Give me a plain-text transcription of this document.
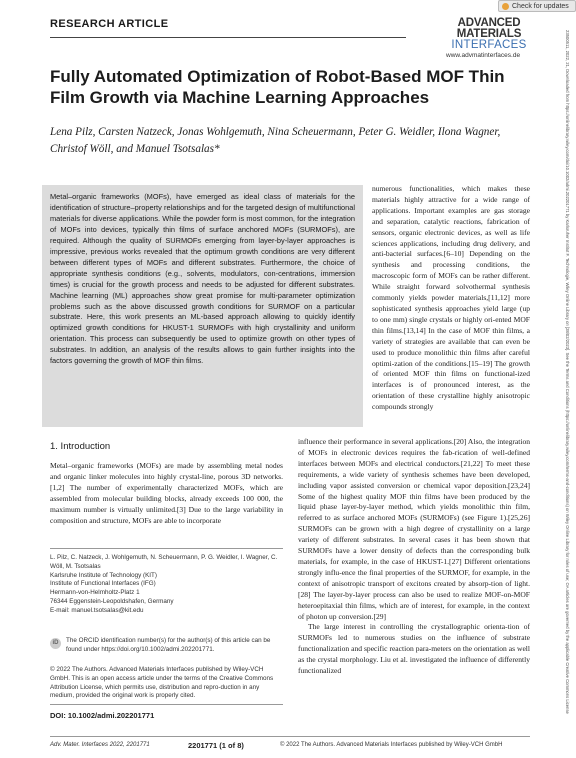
Check for updates
RESEARCH ARTICLE	ADVANCED
MATERIALS
INTERFACES
www.advmatinterfaces.de	23500511, 2022, 21, Downloaded from https://onlinelibrary.wiley.com/doi/10.1002/admi.202201771 by Karlsruher Institut F. Technologie, Wiley Online Library on [28/02/2023]. See the Terms and Conditions (https://onlinelibrary.wiley.com/terms-and-conditions) on Wiley Online Library for rules of use; OA articles are governed by the applicable Creative Commons License
Fully Automated Optimization of Robot-Based MOF Thin Film Growth via Machine Learning Approaches
Lena Pilz, Carsten Natzeck, Jonas Wohlgemuth, Nina Scheuermann, Peter G. Weidler, Ilona Wagner, Christof Wöll, and Manuel Tsotsalas*
Metal–organic frameworks (MOFs), have emerged as ideal class of materials for the identification of structure–property relationships and for the targeted design of multifunctional materials for diverse applications. While the powder form is most common, for the integration of MOFs into devices, typically thin films of surface anchored MOFs (SURMOFs), are required. Although the quality of SURMOFs emerging from layer-by-layer approaches is impressive, previous works revealed that the optimum growth conditions are very different between different types of MOFs and different substrates. Furthermore, the choice of appropriate synthesis conditions (e.g., solvents, modulators, con-centrations, immersion times) is crucial for the growth process and needs to be adjusted for different substrates. Machine learning (ML) approaches show great promise for multi-parameter optimization problems such as the above discussed growth conditions for SURMOF on a particular substrate. Here, this work presents an ML-based approach allowing to quickly identify optimized growth conditions for HKUST-1 SURMOFs with high crystallinity and uniform orientation. This process can subsequently be used to optimize growth on other types of substrates. In addition, an analysis of the results allows to gain further insights into the factors governing the growth of MOF thin films.
numerous functionalities, which makes these materials highly attractive for a wide range of applications. Important examples are gas storage and separation, catalytic reactions, fabrication of sensors, organic electronic devices, as well as life sciences applications, including drug delivery, and anti-bacterial surfaces.[6–10] Depending on the synthesis and processing conditions, the macroscopic form of MOFs can be rather different. While straight forward solvothermal synthesis commonly yields powder materials,[11,12] more sophisticated synthesis approaches yield large (up to one mm) single crystals or highly ori-ented MOF thin films.[13,14] In the case of MOF thin films, a variety of strategies are available that can even be used to produce monolithic thin films after careful optimi-zation of the conditions.[15–19] The growth of oriented MOF thin films on functional-ized interfaces is of pronounced interest, as the orientation of these crystalline highly anisotropic compounds strongly
influence their performance in several applications.[20] Also, the integration of MOFs in electronic devices requires the fab-rication of well-defined interfaces between MOFs and electrical conductors.[21,22] To meet these requirements, a wide variety of synthesis schemes have been developed, including vapor assisted conversion or chemical vapor deposition.[23,24] Some of the highest quality MOF thin films have been produced by the liquid phase layer-by-layer method, which yields monolithic thin film, referred to as surface anchored MOFs (SURMOFs) (see Figure 1).[25,26] SURMOFs can be grown with a high degree of crystallinity on a large variety of different substrates. In several cases it has been shown that SURMOFs have a lower density of defects than the corresponding bulk materials, for example, in the case of HKUST-1.[27] Different orientations strongly influ-ence the final properties of the SURMOF, for example, in the context of anisotropic transport of excitons created by absorp-tion of light.[28] The layer-by-layer process can also be used to realize MOF-on-MOF heteroepitaxial thin films, which are of interest, for example, in the context of photon up conversion.[29]
The large interest in controlling the crystallographic orienta-tion of SURMOFs led to numerous studies on the influence of substrate functionalization and specific reaction para-meters on the orientation as well as the crystal morphology. Liu et al. investigated the influence of differently functionalized
1. Introduction
Metal–organic frameworks (MOFs) are made by assembling metal nodes and organic linker molecules into highly crystal-line, porous 3D networks.[1,2] The number of experimentally characterized MOFs, which are assembled from molecular building blocks, already exceeds 100 000, the maximum number is virtually unlimited.[3] Due to the large variability in composition and structure, MOFs are able to incorporate
L. Pilz, C. Natzeck, J. Wohlgemuth, N. Scheuermann, P. G. Weidler, I. Wagner, C. Wöll, M. Tsotsalas
Karlsruhe Institute of Technology (KIT)
Institute of Functional Interfaces (IFG)
Hermann-von-Helmholtz-Platz 1
76344 Eggenstein-Leopoldshafen, Germany
E-mail: manuel.tsotsalas@kit.edu
iD	The ORCID identification number(s) for the author(s) of this article can be found under https://doi.org/10.1002/admi.202201771.
© 2022 The Authors. Advanced Materials Interfaces published by Wiley-VCH GmbH. This is an open access article under the terms of the Creative Commons Attribution License, which permits use, distribution and repro-duction in any medium, provided the original work is properly cited.
DOI: 10.1002/admi.202201771
Adv. Mater. Interfaces 2022, 2201771	2201771 (1 of 8)	© 2022 The Authors. Advanced Materials Interfaces published by Wiley-VCH GmbH
